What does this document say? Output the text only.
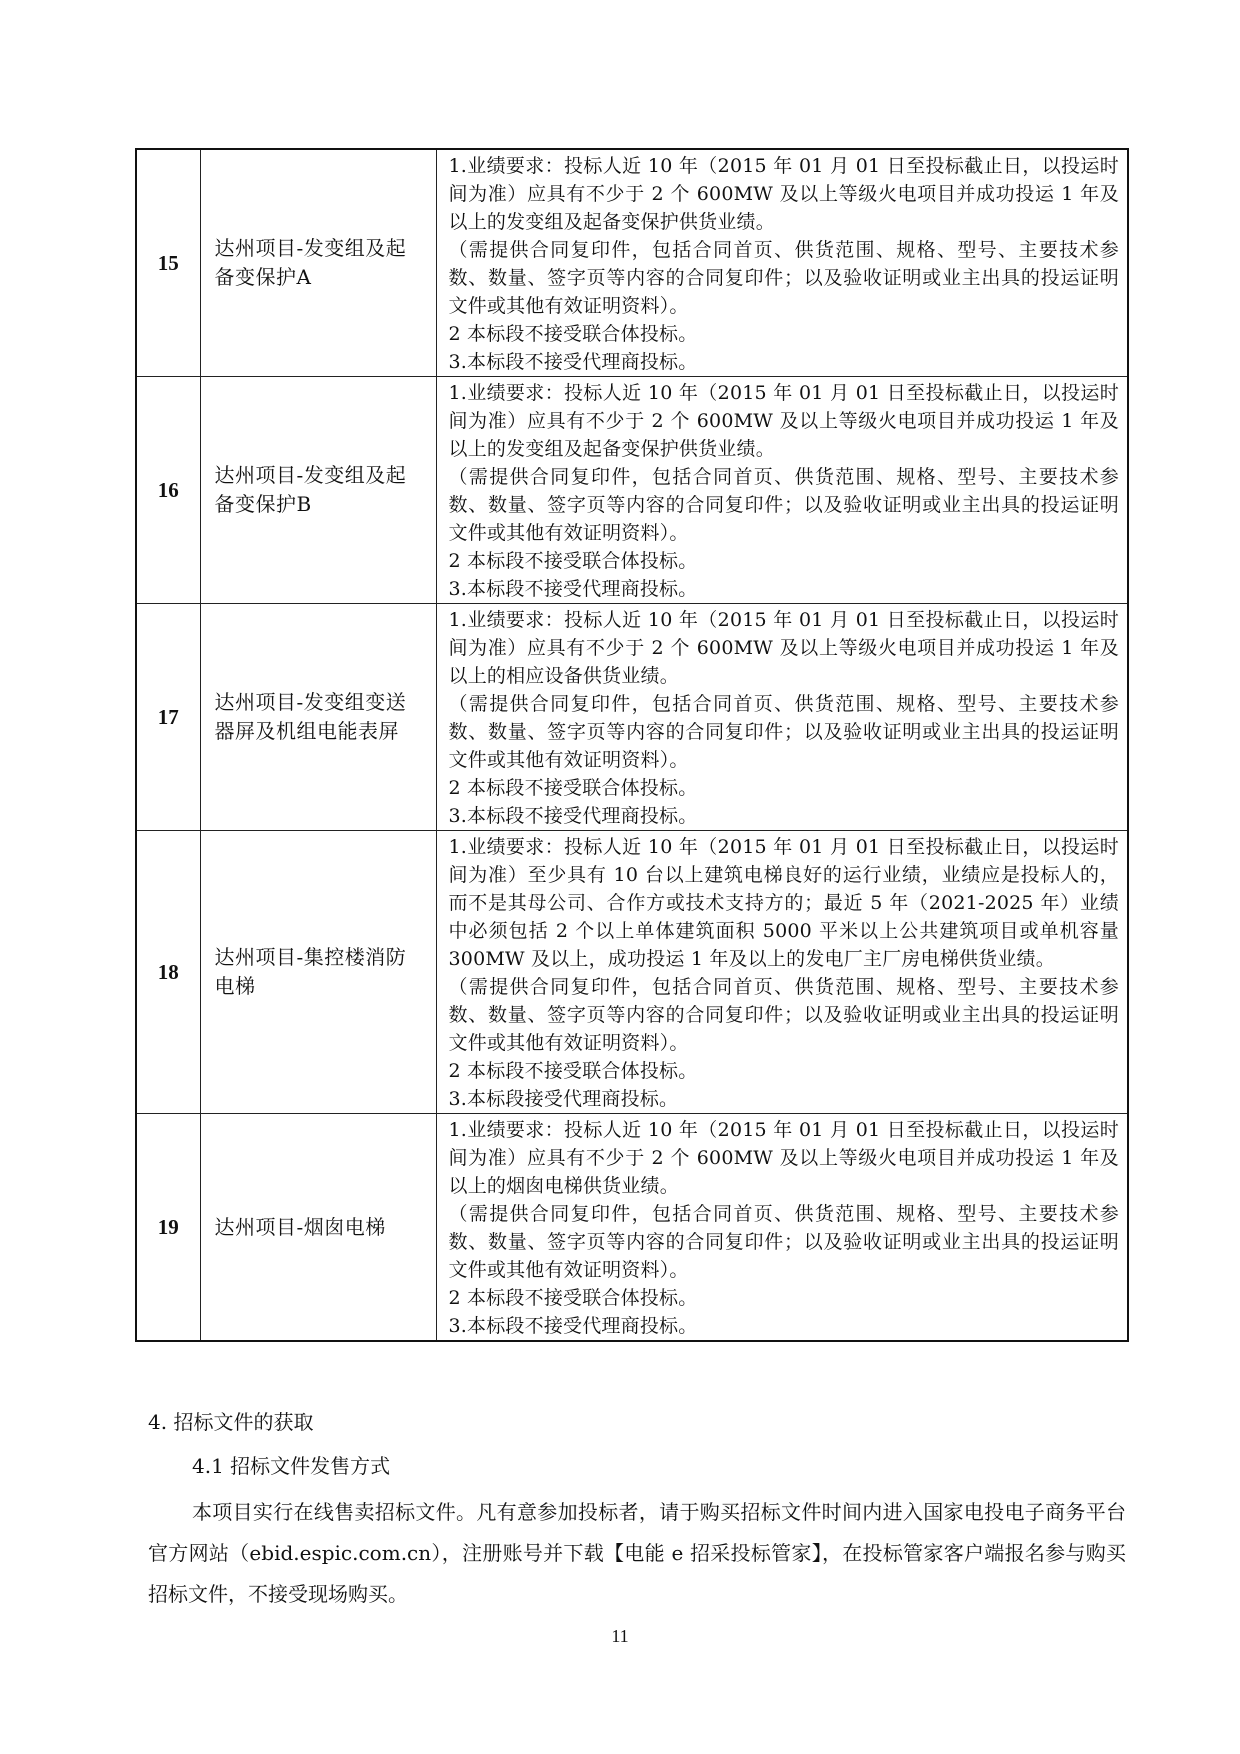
15	达州项目-发变组及起备变保护A	1.业绩要求：投标人近 10 年（2015 年 01 月 01 日至投标截止日，以投运时间为准）应具有不少于 2 个 600MW 及以上等级火电项目并成功投运 1 年及以上的发变组及起备变保护供货业绩。

（需提供合同复印件，包括合同首页、供货范围、规格、型号、主要技术参数、数量、签字页等内容的合同复印件；以及验收证明或业主出具的投运证明文件或其他有效证明资料）。

2 本标段不接受联合体投标。

3.本标段不接受代理商投标。

16	达州项目-发变组及起备变保护B	1.业绩要求：投标人近 10 年（2015 年 01 月 01 日至投标截止日，以投运时间为准）应具有不少于 2 个 600MW 及以上等级火电项目并成功投运 1 年及以上的发变组及起备变保护供货业绩。

（需提供合同复印件，包括合同首页、供货范围、规格、型号、主要技术参数、数量、签字页等内容的合同复印件；以及验收证明或业主出具的投运证明文件或其他有效证明资料）。

2 本标段不接受联合体投标。

3.本标段不接受代理商投标。

17	达州项目-发变组变送器屏及机组电能表屏	1.业绩要求：投标人近 10 年（2015 年 01 月 01 日至投标截止日，以投运时间为准）应具有不少于 2 个 600MW 及以上等级火电项目并成功投运 1 年及以上的相应设备供货业绩。

（需提供合同复印件，包括合同首页、供货范围、规格、型号、主要技术参数、数量、签字页等内容的合同复印件；以及验收证明或业主出具的投运证明文件或其他有效证明资料）。

2 本标段不接受联合体投标。

3.本标段不接受代理商投标。

18	达州项目-集控楼消防电梯	1.业绩要求：投标人近 10 年（2015 年 01 月 01 日至投标截止日，以投运时间为准）至少具有 10 台以上建筑电梯良好的运行业绩，业绩应是投标人的，而不是其母公司、合作方或技术支持方的；最近 5 年（2021-2025 年）业绩中必须包括 2 个以上单体建筑面积 5000 平米以上公共建筑项目或单机容量300MW 及以上，成功投运 1 年及以上的发电厂主厂房电梯供货业绩。

（需提供合同复印件，包括合同首页、供货范围、规格、型号、主要技术参数、数量、签字页等内容的合同复印件；以及验收证明或业主出具的投运证明文件或其他有效证明资料）。

2 本标段不接受联合体投标。

3.本标段接受代理商投标。

19	达州项目-烟囱电梯	1.业绩要求：投标人近 10 年（2015 年 01 月 01 日至投标截止日，以投运时间为准）应具有不少于 2 个 600MW 及以上等级火电项目并成功投运 1 年及以上的烟囱电梯供货业绩。

（需提供合同复印件，包括合同首页、供货范围、规格、型号、主要技术参数、数量、签字页等内容的合同复印件；以及验收证明或业主出具的投运证明文件或其他有效证明资料）。

2 本标段不接受联合体投标。

3.本标段不接受代理商投标。

4. 招标文件的获取

4.1 招标文件发售方式

本项目实行在线售卖招标文件。凡有意参加投标者，请于购买招标文件时间内进入国家电投电子商务平台官方网站（ebid.espic.com.cn），注册账号并下载【电能 e 招采投标管家】，在投标管家客户端报名参与购买招标文件，不接受现场购买。

11
